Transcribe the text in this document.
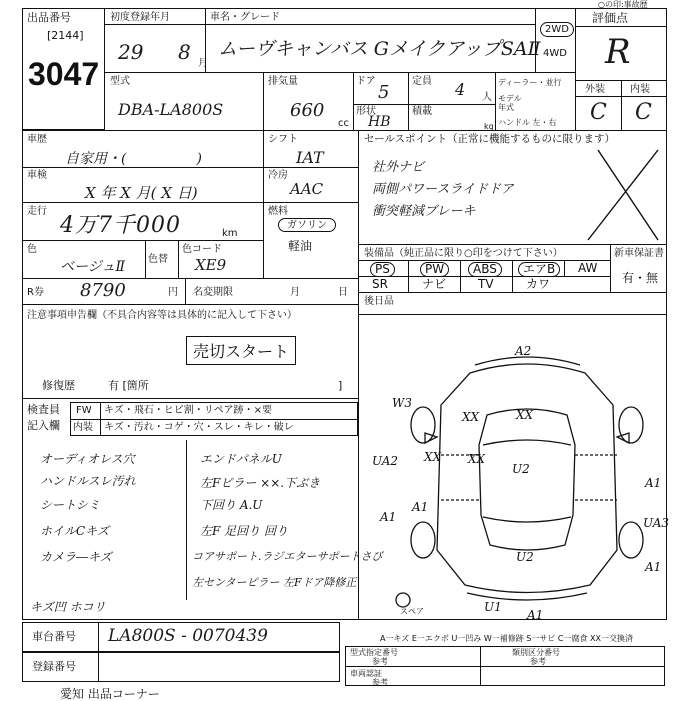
出品番号
[2144]
3047
初度登録年月
29 8 月
車名・グレード
ムーヴキャンバス GメイクアップSAⅡ
2WD
4WD
評価点
R
外装	内装
C C
○の印:事故歴
型式
DBA-LA800S
排気量
660
cc
ドア
5
定員 4 人
形状
HB
積載
kg
ディーラー・並行
モデル
年式
ハンドル 左・右
車歴
自家用・(　　　　　)
シフト
IAT
車検
X 年 X 月( X 日)
冷房
AAC
走行
4万7千000	km
燃料
ガソリン
軽油
色
ベージュⅡ 色替
色コード
XE9
R券 8790	円 名変期限	月	日
セールスポイント（正常に機能するものに限ります）
社外ナビ
両側パワースライドドア
衝突軽減ブレーキ
装備品（純正品に限り○印をつけて下さい）	新車保証書
有・無
PS	PW	ABS	エアB	AW
SR	ナビ	TV	カワ
後日品
注意事項申告欄（不具合内容等は具体的に記入して下さい）
売切スタート
修復歴	有 [箇所	]
検査員
記入欄
FW キズ・飛石・ヒビ割・リペア跡・×要
内装 キズ・汚れ・コゲ・穴・スレ・キレ・破レ
オーディオレス穴
ハンドルスレ汚れ
シートシミ
ホイルCキズ
カメラ―キズ
キズ凹 ホコリ
エンドパネルU
左Fピラー ××.下ぶき
下回り A.U
左F 足回り 回り
コアサポート.ラジエターサポートさび
左センターピラー 左Fドア降修正
A2
W3
XX
XX
XX XX
U2
U2
UA2
A1
A1
UA3
A1
A1
U1
A1
スペア
A一キズ E一エクボ U一凹み W一補修跡 S一サビ C一腐食 XX一交換済
車台番号 LA800S - 0070439
登録番号
型式指定番号
参考
類別区分番号
参考
車両認証
参考
愛知 出品コーナー
